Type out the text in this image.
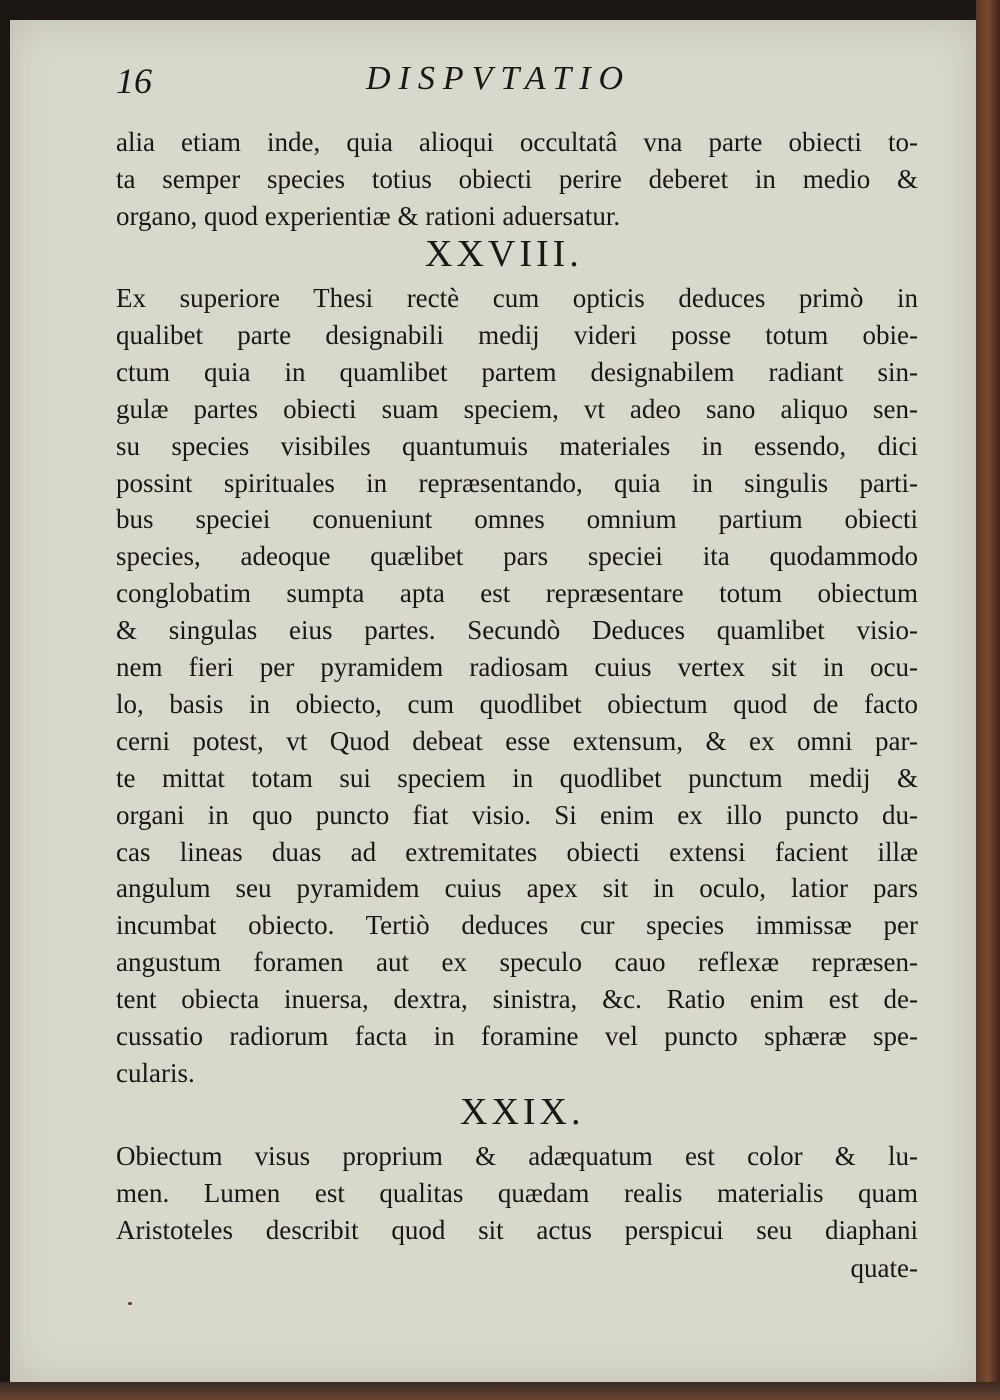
16	DISPVTATIO
alia etiam inde, quia alioqui occultatâ vna parte obiecti to-
ta semper species totius obiecti perire deberet in medio &
organo, quod experientiæ & rationi aduersatur.
XXVIII.
Ex superiore Thesi rectè cum opticis deduces primò in
qualibet parte designabili medij videri posse totum obie-
ctum quia in quamlibet partem designabilem radiant sin-
gulæ partes obiecti suam speciem, vt adeo sano aliquo sen-
su species visibiles quantumuis materiales in essendo, dici
possint spirituales in repræsentando, quia in singulis parti-
bus speciei conueniunt omnes omnium partium obiecti
species, adeoque quælibet pars speciei ita quodammodo
conglobatim sumpta apta est repræsentare totum obiectum
& singulas eius partes. Secundò Deduces quamlibet visio-
nem fieri per pyramidem radiosam cuius vertex sit in ocu-
lo, basis in obiecto, cum quodlibet obiectum quod de facto
cerni potest, vt Quod debeat esse extensum, & ex omni par-
te mittat totam sui speciem in quodlibet punctum medij &
organi in quo puncto fiat visio. Si enim ex illo puncto du-
cas lineas duas ad extremitates obiecti extensi facient illæ
angulum seu pyramidem cuius apex sit in oculo, latior pars
incumbat obiecto. Tertiò deduces cur species immissæ per
angustum foramen aut ex speculo cauo reflexæ repræsen-
tent obiecta inuersa, dextra, sinistra, &c. Ratio enim est de-
cussatio radiorum facta in foramine vel puncto sphæræ spe-
cularis.
XXIX.
Obiectum visus proprium & adæquatum est color & lu-
men. Lumen est qualitas quædam realis materialis quam
Aristoteles describit quod sit actus perspicui seu diaphani
quate-
